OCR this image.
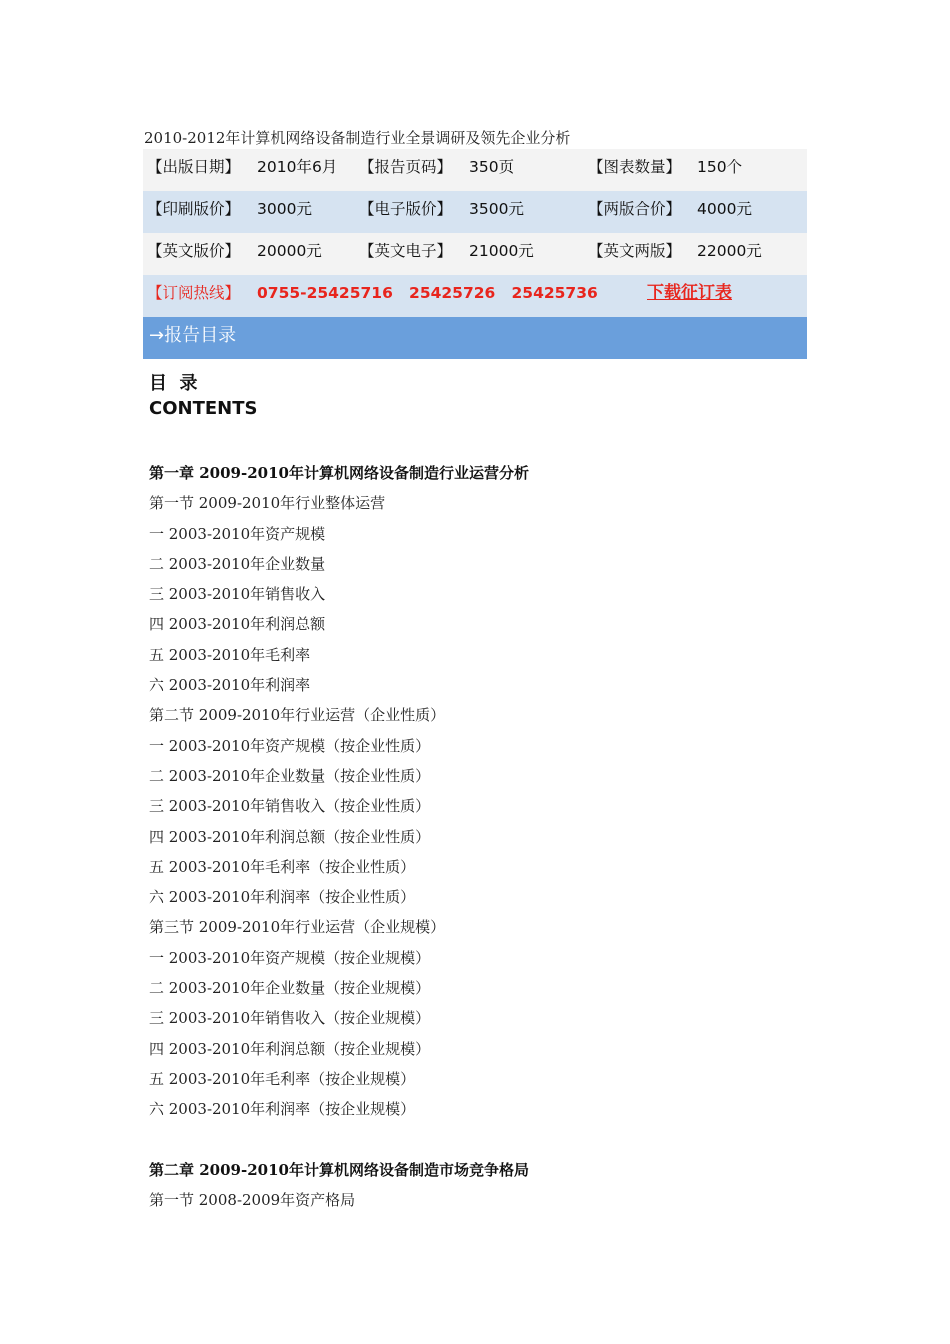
2010-2012年计算机网络设备制造行业全景调研及领先企业分析
【出版日期】 2010年6月 【报告页码】 350页	【图表数量】 150个
【印刷版价】 3000元	【电子版价】 3500元	【两版合价】 4000元
【英文版价】 20000元 【英文电子】 21000元	【英文两版】 22000元
【订阅热线】 0755-25425716   25425726   25425736	下载征订表
→报告目录
目  录
CONTENTS
第一章 2009-2010年计算机网络设备制造行业运营分析
第一节 2009-2010年行业整体运营
一 2003-2010年资产规模
二 2003-2010年企业数量
三 2003-2010年销售收入
四 2003-2010年利润总额
五 2003-2010年毛利率
六 2003-2010年利润率
第二节 2009-2010年行业运营（企业性质）
一 2003-2010年资产规模（按企业性质）
二 2003-2010年企业数量（按企业性质）
三 2003-2010年销售收入（按企业性质）
四 2003-2010年利润总额（按企业性质）
五 2003-2010年毛利率（按企业性质）
六 2003-2010年利润率（按企业性质）
第三节 2009-2010年行业运营（企业规模）
一 2003-2010年资产规模（按企业规模）
二 2003-2010年企业数量（按企业规模）
三 2003-2010年销售收入（按企业规模）
四 2003-2010年利润总额（按企业规模）
五 2003-2010年毛利率（按企业规模）
六 2003-2010年利润率（按企业规模）
第二章 2009-2010年计算机网络设备制造市场竞争格局
第一节 2008-2009年资产格局
